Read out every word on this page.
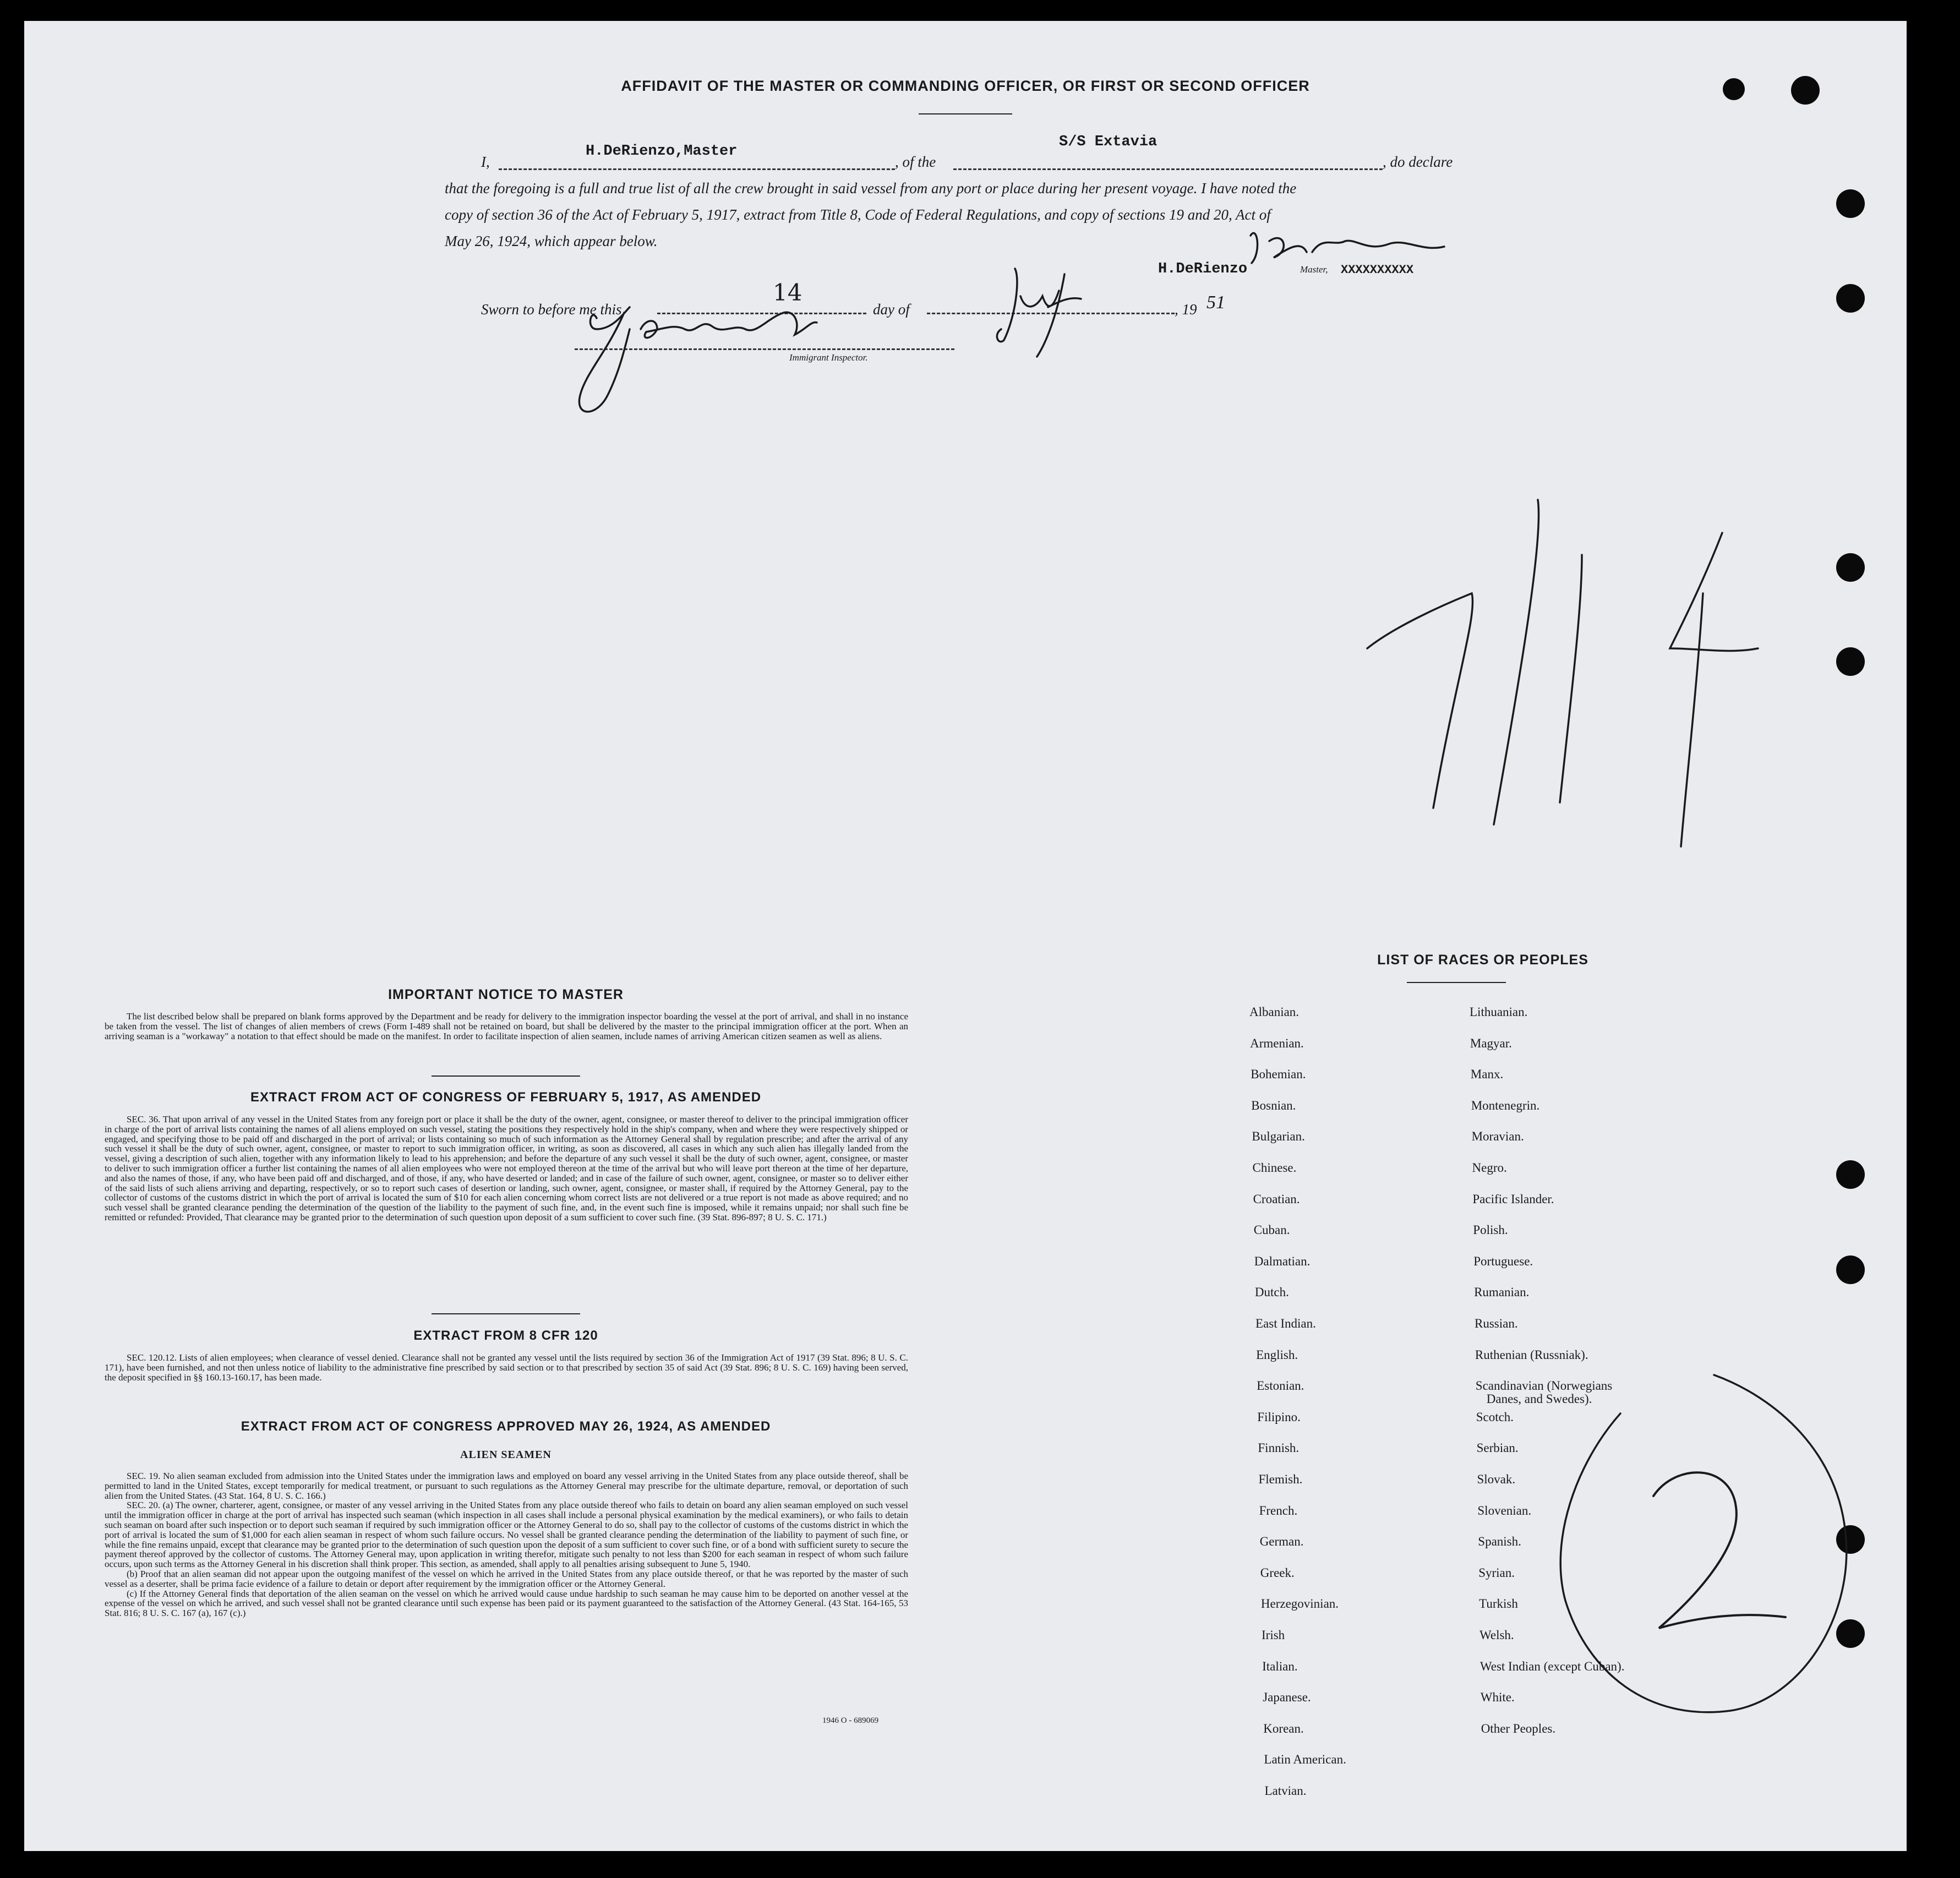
AFFIDAVIT OF THE MASTER OR COMMANDING OFFICER, OR FIRST OR SECOND OFFICER
I,
H.DeRienzo,Master
, of the
S/S Extavia
, do declare
that the foregoing is a full and true list of all the crew brought in said vessel from any port or place during her present voyage. I have noted the
copy of section 36 of the Act of February 5, 1917, extract from Title 8, Code of Federal Regulations, and copy of sections 19 and 20, Act of
May 26, 1924, which appear below.
H.DeRienzo	Master, XXXXXXXXXX
Sworn to before me this
14
day of	, 19 51
Immigrant Inspector.
IMPORTANT NOTICE TO MASTER
The list described below shall be prepared on blank forms approved by the Department and be ready for delivery to the immigration inspector boarding the vessel at the port of arrival, and shall in no instance be taken from the vessel. The list of changes of alien members of crews (Form I-489 shall not be retained on board, but shall be delivered by the master to the principal immigration officer at the port. When an arriving seaman is a "workaway" a notation to that effect should be made on the manifest. In order to facilitate inspection of alien seamen, include names of arriving American citizen seamen as well as aliens.
EXTRACT FROM ACT OF CONGRESS OF FEBRUARY 5, 1917, AS AMENDED
SEC. 36. That upon arrival of any vessel in the United States from any foreign port or place it shall be the duty of the owner, agent, consignee, or master thereof to deliver to the principal immigration officer in charge of the port of arrival lists containing the names of all aliens employed on such vessel, stating the positions they respectively hold in the ship's company, when and where they were respectively shipped or engaged, and specifying those to be paid off and discharged in the port of arrival; or lists containing so much of such information as the Attorney General shall by regulation prescribe; and after the arrival of any such vessel it shall be the duty of such owner, agent, consignee, or master to report to such immigration officer, in writing, as soon as discovered, all cases in which any such alien has illegally landed from the vessel, giving a description of such alien, together with any information likely to lead to his apprehension; and before the departure of any such vessel it shall be the duty of such owner, agent, consignee, or master to deliver to such immigration officer a further list containing the names of all alien employees who were not employed thereon at the time of the arrival but who will leave port thereon at the time of her departure, and also the names of those, if any, who have been paid off and discharged, and of those, if any, who have deserted or landed; and in case of the failure of such owner, agent, consignee, or master so to deliver either of the said lists of such aliens arriving and departing, respectively, or so to report such cases of desertion or landing, such owner, agent, consignee, or master shall, if required by the Attorney General, pay to the collector of customs of the customs district in which the port of arrival is located the sum of $10 for each alien concerning whom correct lists are not delivered or a true report is not made as above required; and no such vessel shall be granted clearance pending the determination of the question of the liability to the payment of such fine, and, in the event such fine is imposed, while it remains unpaid; nor shall such fine be remitted or refunded: Provided, That clearance may be granted prior to the determination of such question upon deposit of a sum sufficient to cover such fine. (39 Stat. 896-897; 8 U. S. C. 171.)
EXTRACT FROM 8 CFR 120
SEC. 120.12. Lists of alien employees; when clearance of vessel denied. Clearance shall not be granted any vessel until the lists required by section 36 of the Immigration Act of 1917 (39 Stat. 896; 8 U. S. C. 171), have been furnished, and not then unless notice of liability to the administrative fine prescribed by said section or to that prescribed by section 35 of said Act (39 Stat. 896; 8 U. S. C. 169) having been served, the deposit specified in §§ 160.13-160.17, has been made.
EXTRACT FROM ACT OF CONGRESS APPROVED MAY 26, 1924, AS AMENDED
ALIEN SEAMEN
SEC. 19. No alien seaman excluded from admission into the United States under the immigration laws and employed on board any vessel arriving in the United States from any place outside thereof, shall be permitted to land in the United States, except temporarily for medical treatment, or pursuant to such regulations as the Attorney General may prescribe for the ultimate departure, removal, or deportation of such alien from the United States. (43 Stat. 164, 8 U. S. C. 166.)
SEC. 20. (a) The owner, charterer, agent, consignee, or master of any vessel arriving in the United States from any place outside thereof who fails to detain on board any alien seaman employed on such vessel until the immigration officer in charge at the port of arrival has inspected such seaman (which inspection in all cases shall include a personal physical examination by the medical examiners), or who fails to detain such seaman on board after such inspection or to deport such seaman if required by such immigration officer or the Attorney General to do so, shall pay to the collector of customs of the customs district in which the port of arrival is located the sum of $1,000 for each alien seaman in respect of whom such failure occurs. No vessel shall be granted clearance pending the determination of the liability to payment of such fine, or while the fine remains unpaid, except that clearance may be granted prior to the determination of such question upon the deposit of a sum sufficient to cover such fine, or of a bond with sufficient surety to secure the payment thereof approved by the collector of customs. The Attorney General may, upon application in writing therefor, mitigate such penalty to not less than $200 for each seaman in respect of whom such failure occurs, upon such terms as the Attorney General in his discretion shall think proper. This section, as amended, shall apply to all penalties arising subsequent to June 5, 1940.
(b) Proof that an alien seaman did not appear upon the outgoing manifest of the vessel on which he arrived in the United States from any place outside thereof, or that he was reported by the master of such vessel as a deserter, shall be prima facie evidence of a failure to detain or deport after requirement by the immigration officer or the Attorney General.
(c) If the Attorney General finds that deportation of the alien seaman on the vessel on which he arrived would cause undue hardship to such seaman he may cause him to be deported on another vessel at the expense of the vessel on which he arrived, and such vessel shall not be granted clearance until such expense has been paid or its payment guaranteed to the satisfaction of the Attorney General. (43 Stat. 164-165, 53 Stat. 816; 8 U. S. C. 167 (a), 167 (c).)
1946 O - 689069
LIST OF RACES OR PEOPLES
Albanian.
Armenian.
Bohemian.
Bosnian.
Bulgarian.
Chinese.
Croatian.
Cuban.
Dalmatian.
Dutch.
East Indian.
English.
Estonian.
Filipino.
Finnish.
Flemish.
French.
German.
Greek.
Herzegovinian.
Irish
Italian.
Japanese.
Korean.
Latin American.
Latvian.
Lithuanian.
Magyar.
Manx.
Montenegrin.
Moravian.
Negro.
Pacific Islander.
Polish.
Portuguese.
Rumanian.
Russian.
Ruthenian (Russniak).
Scandinavian (Norwegians
Danes, and Swedes).
Scotch.
Serbian.
Slovak.
Slovenian.
Spanish.
Syrian.
Turkish
Welsh.
West Indian (except Cuban).
White.
Other Peoples.
